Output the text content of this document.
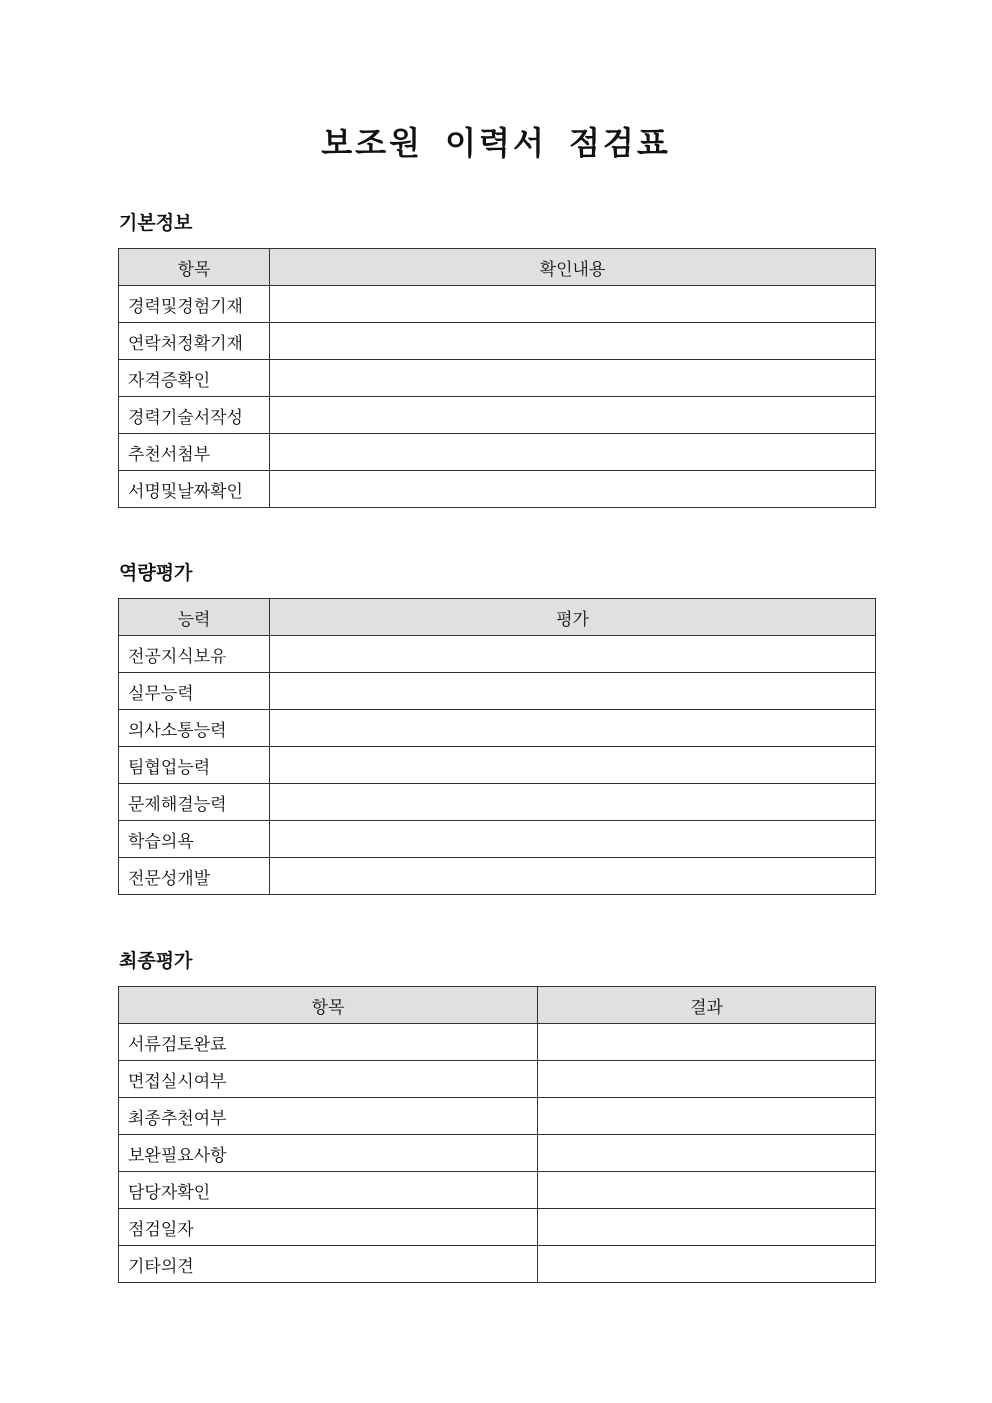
보조원 이력서 점검표
기본정보
항목	확인내용
경력및경험기재	
연락처정확기재	
자격증확인	
경력기술서작성	
추천서첨부	
서명및날짜확인	
역량평가
능력	평가
전공지식보유	
실무능력	
의사소통능력	
팀협업능력	
문제해결능력	
학습의욕	
전문성개발	
최종평가
항목	결과
서류검토완료	
면접실시여부	
최종추천여부	
보완필요사항	
담당자확인	
점검일자	
기타의견	
